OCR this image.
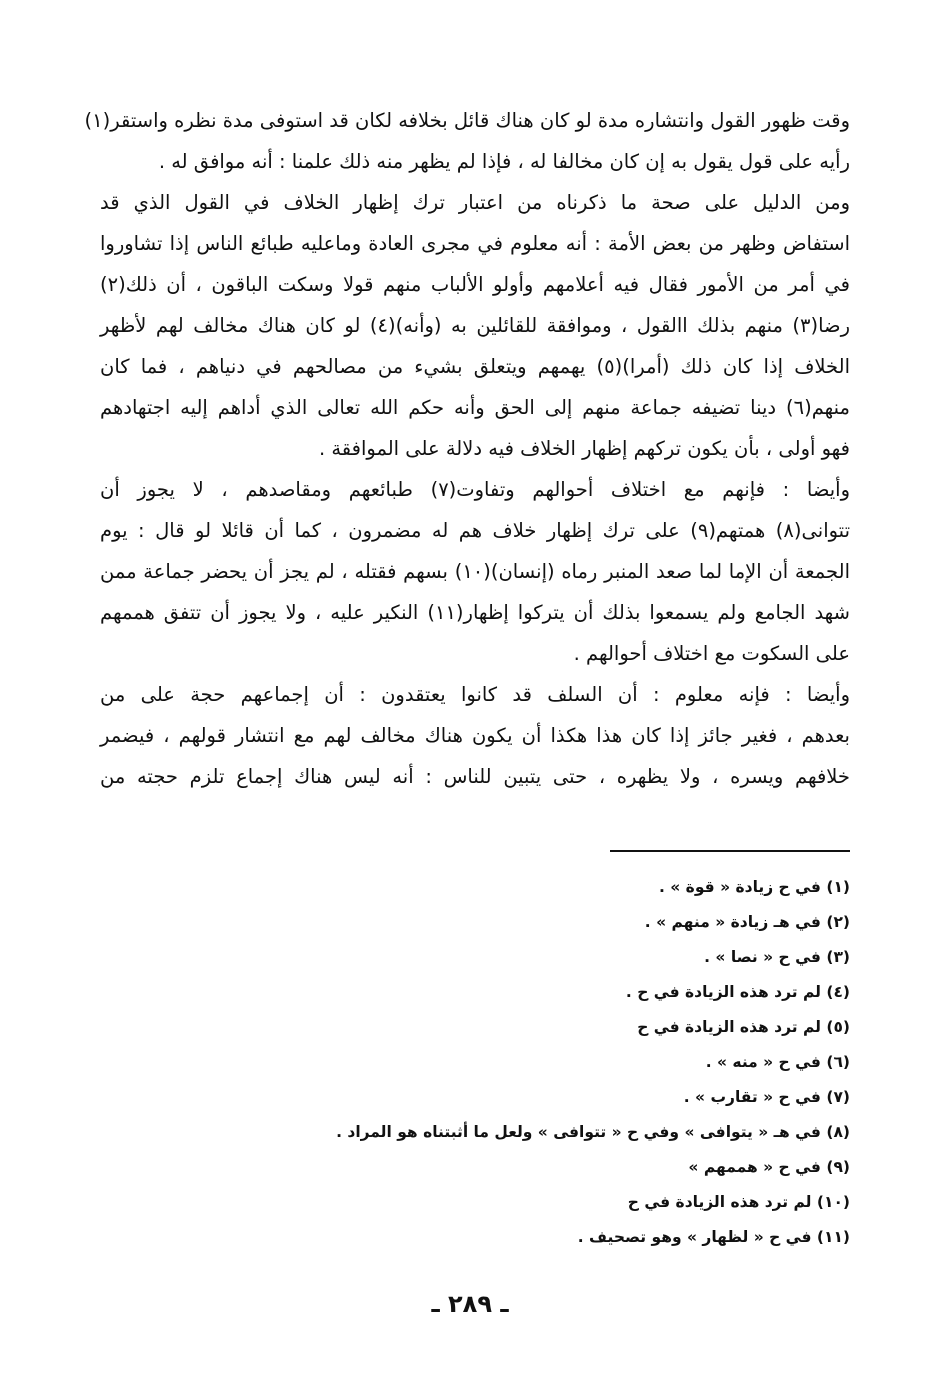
وقت ظهور القول وانتشاره مدة لو كان هناك قائل بخلافه لكان قد استوفى مدة نظره واستقر(١)
رأيه على قول يقول به إن كان مخالفا له ، فإذا لم يظهر منه ذلك علمنا : أنه موافق له .
ومن الدليل على صحة ما ذكرناه من اعتبار ترك إظهار الخلاف في القول الذي قد
استفاض وظهر من بعض الأمة : أنه معلوم في مجرى العادة وماعليه طبائع الناس إذا تشاوروا
في أمر من الأمور فقال فيه أعلامهم وأولو الألباب منهم قولا وسكت الباقون ، أن ذلك(٢)
رضا(٣) منهم بذلك االقول ، وموافقة للقائلين به (وأنه)(٤) لو كان هناك مخالف لهم لأظهر
الخلاف إذا كان ذلك (أمرا)(٥) يهمهم ويتعلق بشيء من مصالحهم في دنياهم ، فما كان
منهم(٦) دينا تضيفه جماعة منهم إلى الحق وأنه حكم الله تعالى الذي أداهم إليه اجتهادهم
فهو أولى ، بأن يكون تركهم إظهار الخلاف فيه دلالة على الموافقة .
وأيضا : فإنهم مع اختلاف أحوالهم وتفاوت(٧) طبائعهم ومقاصدهم ، لا يجوز أن
تتوانى(٨) همتهم(٩) على ترك إظهار خلاف هم له مضمرون ، كما أن قائلا لو قال : يوم
الجمعة أن الإما لما صعد المنبر رماه (إنسان)(١٠) بسهم فقتله ، لم يجز أن يحضر جماعة ممن
شهد الجامع ولم يسمعوا بذلك أن يتركوا إظهار(١١) النكير عليه ، ولا يجوز أن تتفق هممهم
على السكوت مع اختلاف أحوالهم .
وأيضا : فإنه معلوم : أن السلف قد كانوا يعتقدون : أن إجماعهم حجة على من
بعدهم ، فغير جائز إذا كان هذا هكذا أن يكون هناك مخالف لهم مع انتشار قولهم ، فيضمر
خلافهم ويسره ، ولا يظهره ، حتى يتبين للناس : أنه ليس هناك إجماع تلزم حجته من
(١) في ح زيادة « قوة » .
(٢) في هـ زيادة « منهم » .
(٣) في ح « نصا » .
(٤) لم ترد هذه الزيادة في ح .
(٥) لم ترد هذه الزيادة في ح
(٦) في ح « منه » .
(٧) في ح « تقارب » .
(٨) في هـ « يتوافى » وفي ح « تتوافى » ولعل ما أثبتناه هو المراد .
(٩) في ح « هممهم »
(١٠) لم ترد هذه الزيادة في ح
(١١) في ح « لظهار » وهو تصحيف .
ـ ٢٨٩ ـ
